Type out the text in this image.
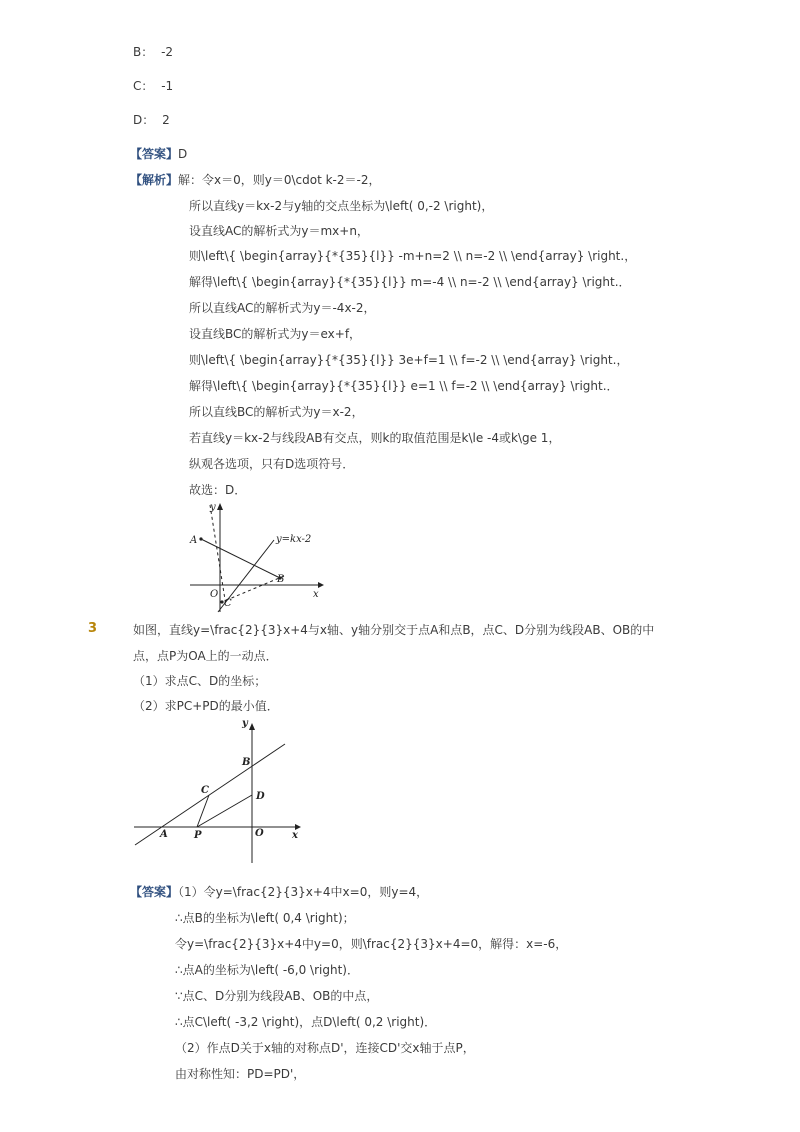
B： -2
C： -1
D： 2
【答案】D
【解析】解：令x＝0，则y＝0\cdot k-2＝-2，
所以直线y＝kx-2与y轴的交点坐标为\left( 0,-2 \right)，
设直线AC的解析式为y＝mx+n，
则\left\{ \begin{array}{*{35}{l}} -m+n=2 \\ n=-2 \\ \end{array} \right.，
解得\left\{ \begin{array}{*{35}{l}} m=-4 \\ n=-2 \\ \end{array} \right.．
所以直线AC的解析式为y＝-4x-2，
设直线BC的解析式为y＝ex+f，
则\left\{ \begin{array}{*{35}{l}} 3e+f=1 \\ f=-2 \\ \end{array} \right.，
解得\left\{ \begin{array}{*{35}{l}} e=1 \\ f=-2 \\ \end{array} \right.．
所以直线BC的解析式为y＝x-2，
若直线y＝kx-2与线段AB有交点，则k的取值范围是k\le -4或k\ge 1，
纵观各选项，只有D选项符号．
故选：D．
y
A	y=kx-2
B
O
C
x
3	如图，直线y=\frac{2}{3}x+4与x轴、y轴分别交于点A和点B，点C、D分别为线段AB、OB的中
点，点P为OA上的一动点．
（1）求点C、D的坐标；
（2）求PC+PD的最小值．
y
B
C
D
A	P	O	x
【答案】（1）令y=\frac{2}{3}x+4中x=0，则y=4，
∴点B的坐标为\left( 0,4 \right)；
令y=\frac{2}{3}x+4中y=0，则\frac{2}{3}x+4=0，解得：x=-6，
∴点A的坐标为\left( -6,0 \right)．
∵点C、D分别为线段AB、OB的中点，
∴点C\left( -3,2 \right)，点D\left( 0,2 \right)．
（2）作点D关于x轴的对称点D'，连接CD'交x轴于点P，
由对称性知：PD=PD'，
